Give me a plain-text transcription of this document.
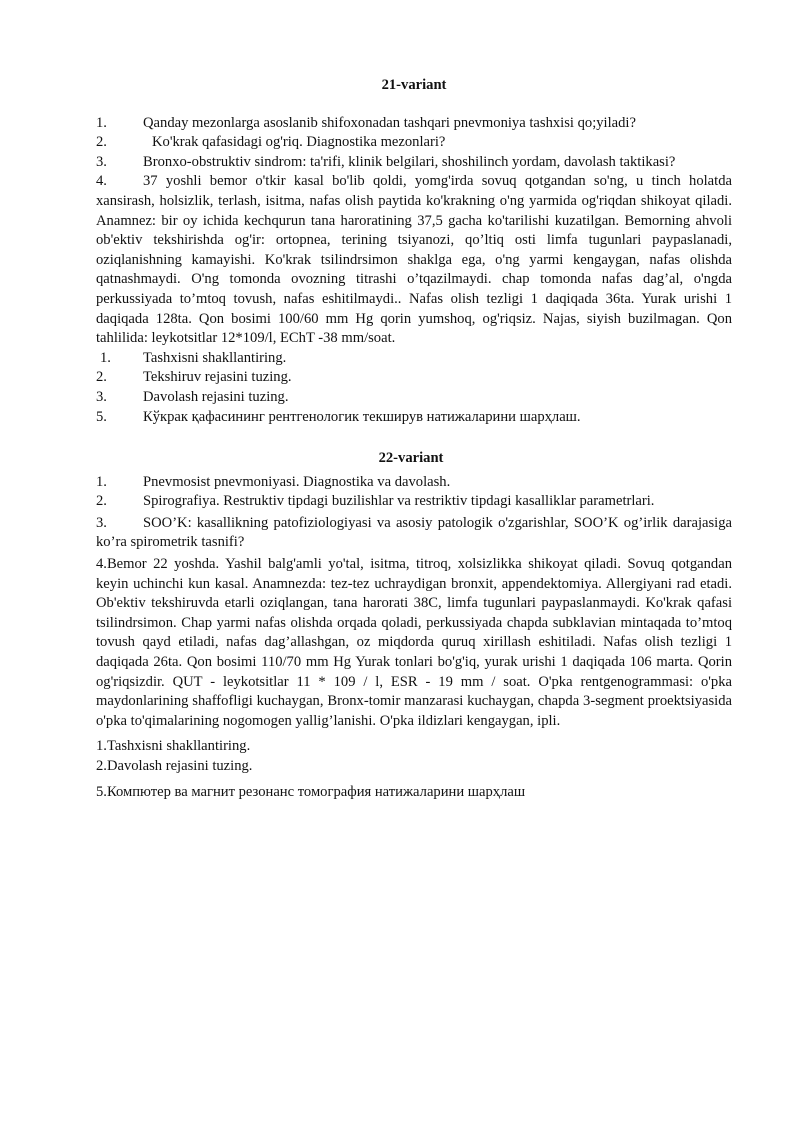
21-variant

1.	Qanday mezonlarga asoslanib shifoxonadan tashqari pnevmoniya tashxisi qo;yiladi?
2.	Ko'krak qafasidagi og'riq. Diagnostika mezonlari?
3.	Bronxo-obstruktiv sindrom: ta'rifi, klinik belgilari, shoshilinch yordam, davolash taktikasi?

4. 37 yoshli bemor o'tkir kasal bo'lib qoldi, yomg'irda sovuq qotgandan so'ng, u tinch holatda xansirash, holsizlik, terlash, isitma, nafas olish paytida ko'krakning o'ng yarmida og'riqdan shikoyat qiladi. Anamnez: bir oy ichida kechqurun tana haroratining 37,5 gacha ko'tarilishi kuzatilgan. Bemorning ahvoli ob'ektiv tekshirishda og'ir: ortopnea, terining tsiyanozi, qo’ltiq osti limfa tugunlari paypaslanadi, oziqlanishning kamayishi. Ko'krak tsilindrsimon shaklga ega, o'ng yarmi kengaygan, nafas olishda qatnashmaydi. O'ng tomonda ovozning titrashi o’tqazilmaydi. chap tomonda nafas dag’al, o'ngda perkussiyada to’mtoq tovush, nafas eshitilmaydi.. Nafas olish tezligi 1 daqiqada 36ta. Yurak urishi 1 daqiqada 128ta. Qon bosimi 100/60 mm Hg qorin yumshoq, og'riqsiz. Najas, siyish buzilmagan. Qon tahlilida: leykotsitlar 12*109/l, EChT -38 mm/soat.

1.	Tashxisni shakllantiring.
2.	Tekshiruv rejasini tuzing.
3.	Davolash rejasini tuzing.
5.	Кўкрак қафасининг рентгенологик текширув натижаларини шарҳлаш.

22-variant

1.	Pnevmosist pnevmoniyasi. Diagnostika va davolash.
2.	Spirografiya. Restruktiv tipdagi buzilishlar va restriktiv tipdagi kasalliklar parametrlari.

3. SOO’K: kasallikning patofiziologiyasi va asosiy patologik o'zgarishlar, SOO’K og’irlik darajasiga ko’ra spirometrik tasnifi?

4.Bemor 22 yoshda. Yashil balg'amli yo'tal, isitma, titroq, xolsizlikka shikoyat qiladi. Sovuq qotgandan keyin uchinchi kun kasal. Anamnezda: tez-tez uchraydigan bronxit, appendektomiya. Allergiyani rad etadi. Ob'ektiv tekshiruvda etarli oziqlangan, tana harorati 38C, limfa tugunlari paypaslanmaydi. Ko'krak qafasi tsilindrsimon. Chap yarmi nafas olishda orqada qoladi, perkussiyada chapda subklavian mintaqada to’mtoq tovush qayd etiladi, nafas dag’allashgan, oz miqdorda quruq xirillash eshitiladi. Nafas olish tezligi 1 daqiqada 26ta. Qon bosimi 110/70 mm Hg Yurak tonlari bo'g'iq, yurak urishi 1 daqiqada 106 marta. Qorin og'riqsizdir. QUT - leykotsitlar 11 * 109 / l, ESR - 19 mm / soat. O'pka rentgenogrammasi: o'pka maydonlarining shaffofligi kuchaygan, Bronx-tomir manzarasi kuchaygan, chapda 3-segment proektsiyasida o'pka to'qimalarining nogomogen yallig’lanishi. O'pka ildizlari kengaygan, ipli.

1.Tashxisni shakllantiring.

2.Davolash rejasini tuzing.

5.Компютер ва магнит резонанс томография натижаларини шарҳлаш
